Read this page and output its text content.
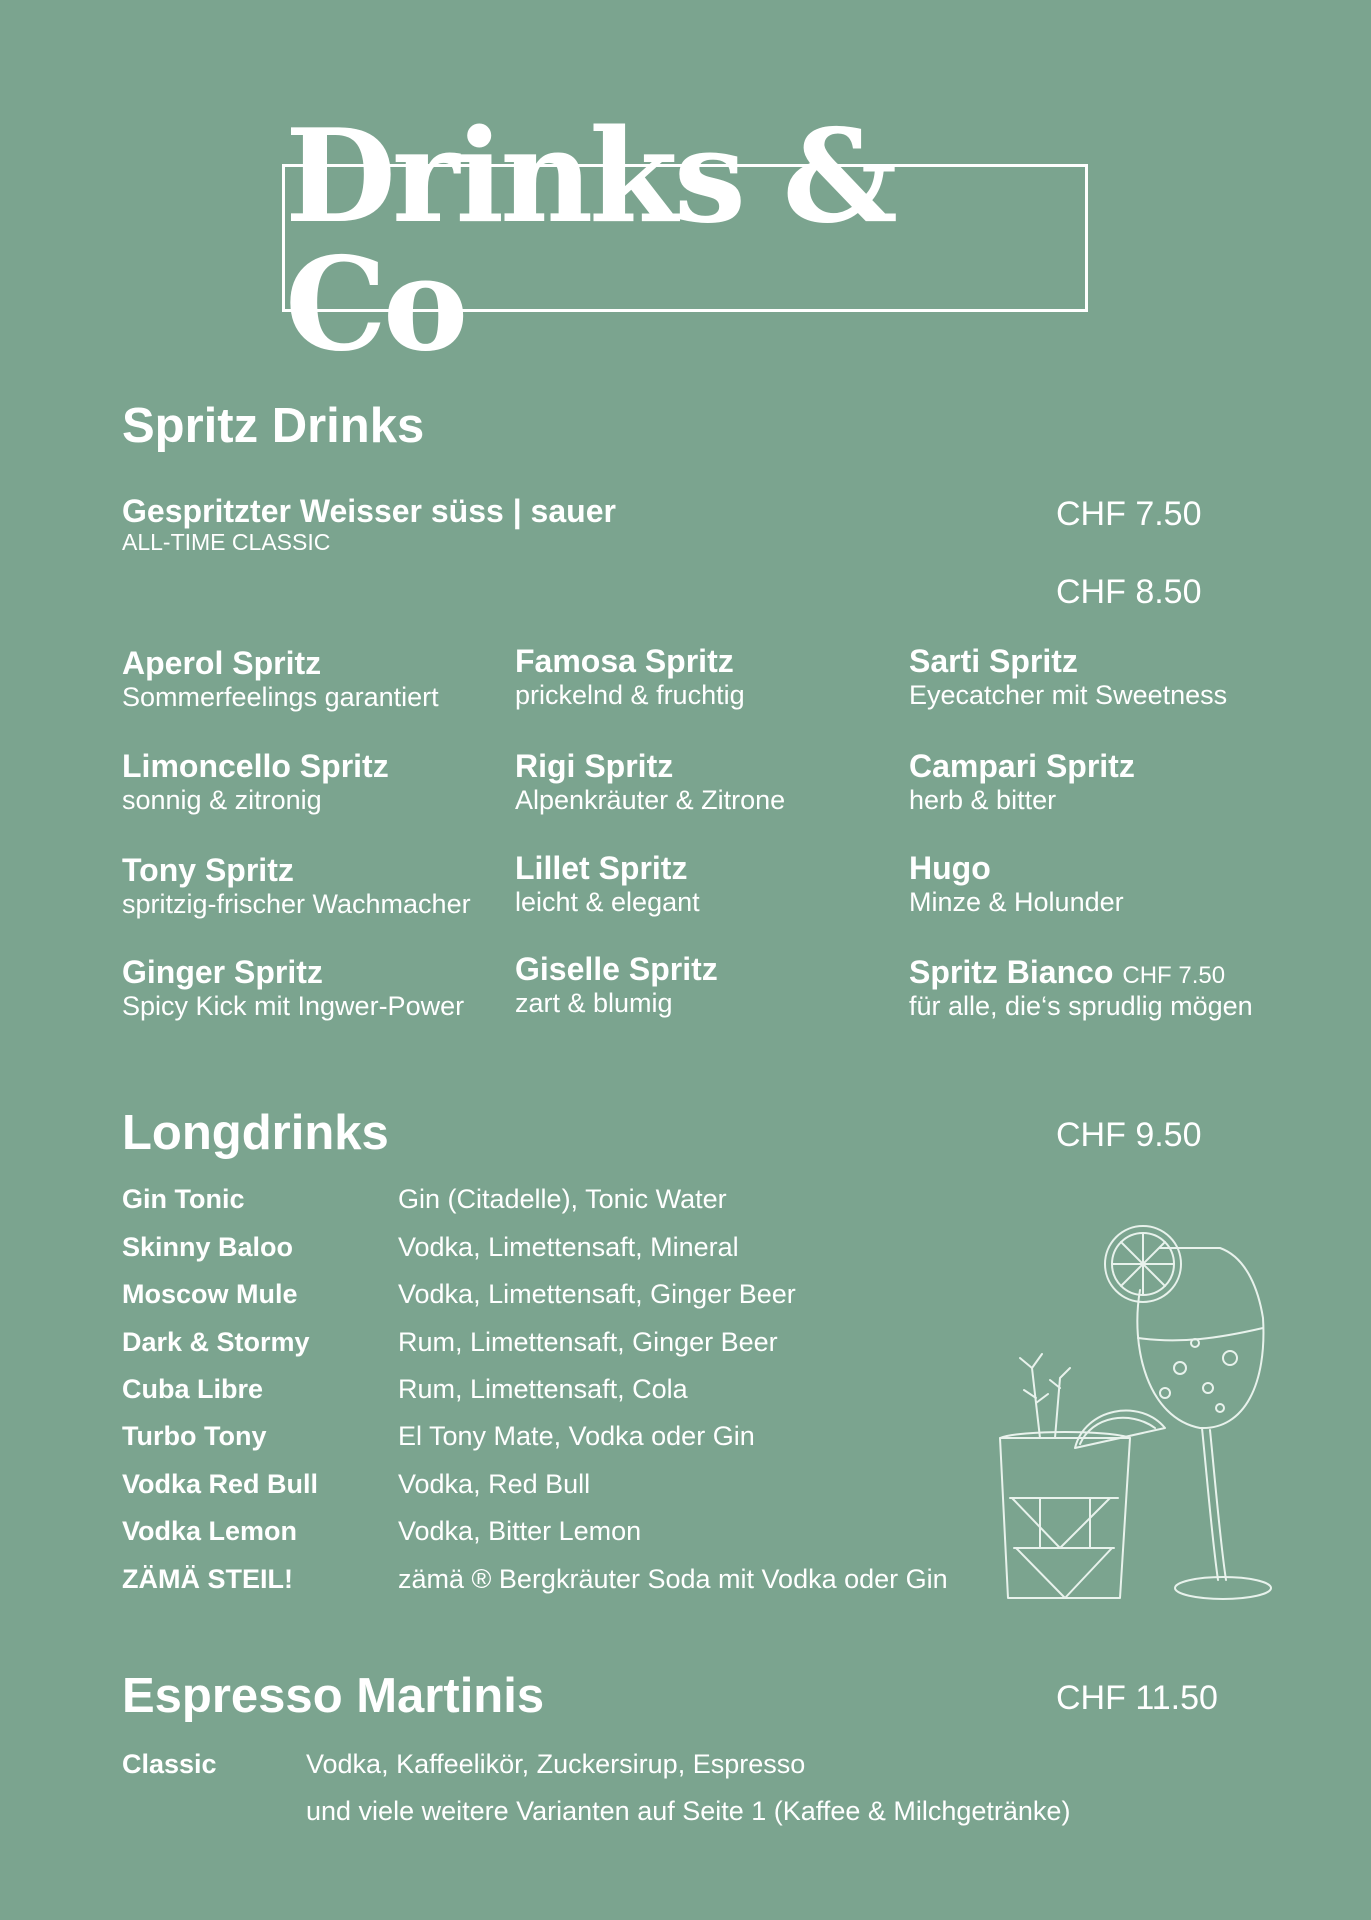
Drinks & Co
Spritz Drinks
Gespritzter Weisser süss | sauer
ALL-TIME CLASSIC
CHF 7.50
CHF 8.50
Aperol Spritz
Sommerfeelings garantiert
Limoncello Spritz
sonnig & zitronig
Tony Spritz
spritzig-frischer Wachmacher
Ginger Spritz
Spicy Kick mit Ingwer-Power
Famosa Spritz
prickelnd & fruchtig
Rigi Spritz
Alpenkräuter & Zitrone
Lillet Spritz
leicht & elegant
Giselle Spritz
zart & blumig
Sarti Spritz
Eyecatcher mit Sweetness
Campari Spritz
herb & bitter
Hugo
Minze & Holunder
Spritz Bianco CHF 7.50
für alle, die‘s sprudlig mögen
Longdrinks	CHF 9.50
Gin Tonic	Gin (Citadelle), Tonic Water
Skinny Baloo	Vodka, Limettensaft, Mineral
Moscow Mule	Vodka, Limettensaft, Ginger Beer
Dark & Stormy	Rum, Limettensaft, Ginger Beer
Cuba Libre	Rum, Limettensaft, Cola
Turbo Tony	El Tony Mate, Vodka oder Gin
Vodka Red Bull	Vodka, Red Bull
Vodka Lemon	Vodka, Bitter Lemon
ZÄMÄ STEIL!	zämä ® Bergkräuter Soda mit Vodka oder Gin
Espresso Martinis	CHF 11.50
Classic	Vodka, Kaffeelikör, Zuckersirup, Espresso
und viele weitere Varianten auf Seite 1 (Kaffee & Milchgetränke)
